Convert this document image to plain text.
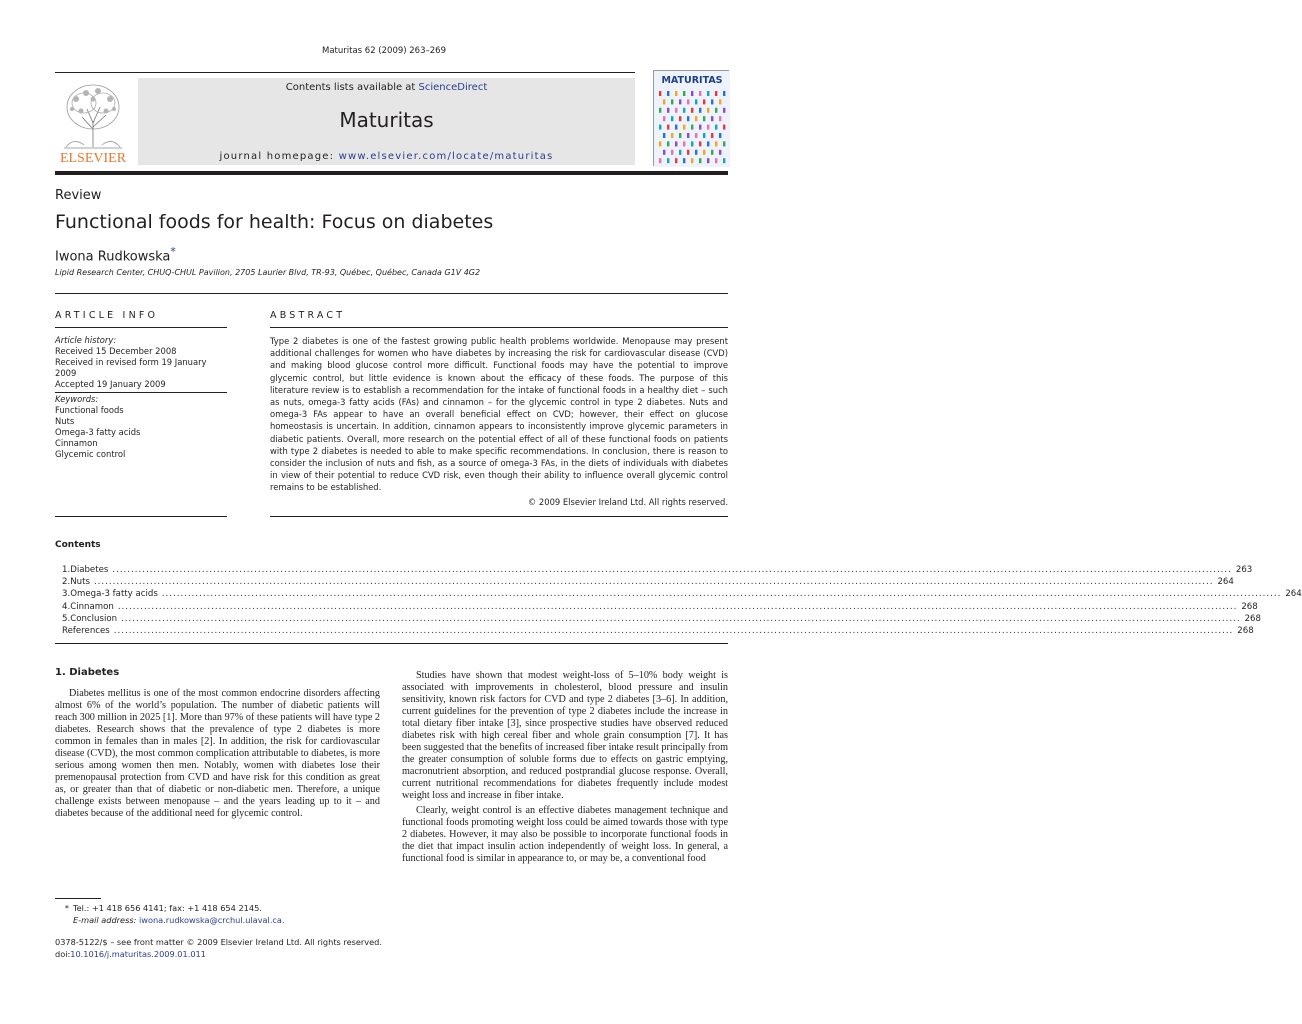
Maturitas 62 (2009) 263–269
ELSEVIER
Contents lists available at ScienceDirect
Maturitas
journal homepage: www.elsevier.com/locate/maturitas
MATURITAS
Review
Functional foods for health: Focus on diabetes
Iwona Rudkowska*
Lipid Research Center, CHUQ-CHUL Pavilion, 2705 Laurier Blvd, TR-93, Québec, Québec, Canada G1V 4G2
ARTICLE INFO	ABSTRACT
Article history:
Received 15 December 2008
Received in revised form 19 January 2009
Accepted 19 January 2009
Keywords:
Functional foods
Nuts
Omega-3 fatty acids
Cinnamon
Glycemic control
Type 2 diabetes is one of the fastest growing public health problems worldwide. Menopause may present additional challenges for women who have diabetes by increasing the risk for cardiovascular disease (CVD) and making blood glucose control more difficult. Functional foods may have the potential to improve glycemic control, but little evidence is known about the efficacy of these foods. The purpose of this literature review is to establish a recommendation for the intake of functional foods in a healthy diet – such as nuts, omega-3 fatty acids (FAs) and cinnamon – for the glycemic control in type 2 diabetes. Nuts and omega-3 FAs appear to have an overall beneficial effect on CVD; however, their effect on glucose homeostasis is uncertain. In addition, cinnamon appears to inconsistently improve glycemic parameters in diabetic patients. Overall, more research on the potential effect of all of these functional foods on patients with type 2 diabetes is needed to able to make specific recommendations. In conclusion, there is reason to consider the inclusion of nuts and fish, as a source of omega-3 FAs, in the diets of individuals with diabetes in view of their potential to reduce CVD risk, even though their ability to influence overall glycemic control remains to be established.
© 2009 Elsevier Ireland Ltd. All rights reserved.
Contents
1. Diabetes ............................................................................................................................................................................................................................................................................................................ 263
2. Nuts ............................................................................................................................................................................................................................................................................................................ 264
3. Omega-3 fatty acids ............................................................................................................................................................................................................................................................................................................ 264
4. Cinnamon ............................................................................................................................................................................................................................................................................................................ 268
5. Conclusion ............................................................................................................................................................................................................................................................................................................ 268
References ............................................................................................................................................................................................................................................................................................................ 268
1. Diabetes

Diabetes mellitus is one of the most common endocrine disorders affecting almost 6% of the world’s population. The number of diabetic patients will reach 300 million in 2025 [1]. More than 97% of these patients will have type 2 diabetes. Research shows that the prevalence of type 2 diabetes is more common in females than in males [2]. In addition, the risk for cardiovascular disease (CVD), the most common complication attributable to diabetes, is more serious among women then men. Notably, women with diabetes lose their premenopausal protection from CVD and have risk for this condition as great as, or greater than that of diabetic or non-diabetic men. Therefore, a unique challenge exists between menopause – and the years leading up to it – and diabetes because of the additional need for glycemic control.

Studies have shown that modest weight-loss of 5–10% body weight is associated with improvements in cholesterol, blood pressure and insulin sensitivity, known risk factors for CVD and type 2 diabetes [3–6]. In addition, current guidelines for the prevention of type 2 diabetes include the increase in total dietary fiber intake [3], since prospective studies have observed reduced diabetes risk with high cereal fiber and whole grain consumption [7]. It has been suggested that the benefits of increased fiber intake result principally from the greater consumption of soluble forms due to effects on gastric emptying, macronutrient absorption, and reduced postprandial glucose response. Overall, current nutritional recommendations for diabetes frequently include modest weight loss and increase in fiber intake.

Clearly, weight control is an effective diabetes management technique and functional foods promoting weight loss could be aimed towards those with type 2 diabetes. However, it may also be possible to incorporate functional foods in the diet that impact insulin action independently of weight loss. In general, a functional food is similar in appearance to, or may be, a conventional food

* Tel.: +1 418 656 4141; fax: +1 418 654 2145.
E-mail address: iwona.rudkowska@crchul.ulaval.ca.
0378-5122/$ – see front matter © 2009 Elsevier Ireland Ltd. All rights reserved.
doi:10.1016/j.maturitas.2009.01.011
